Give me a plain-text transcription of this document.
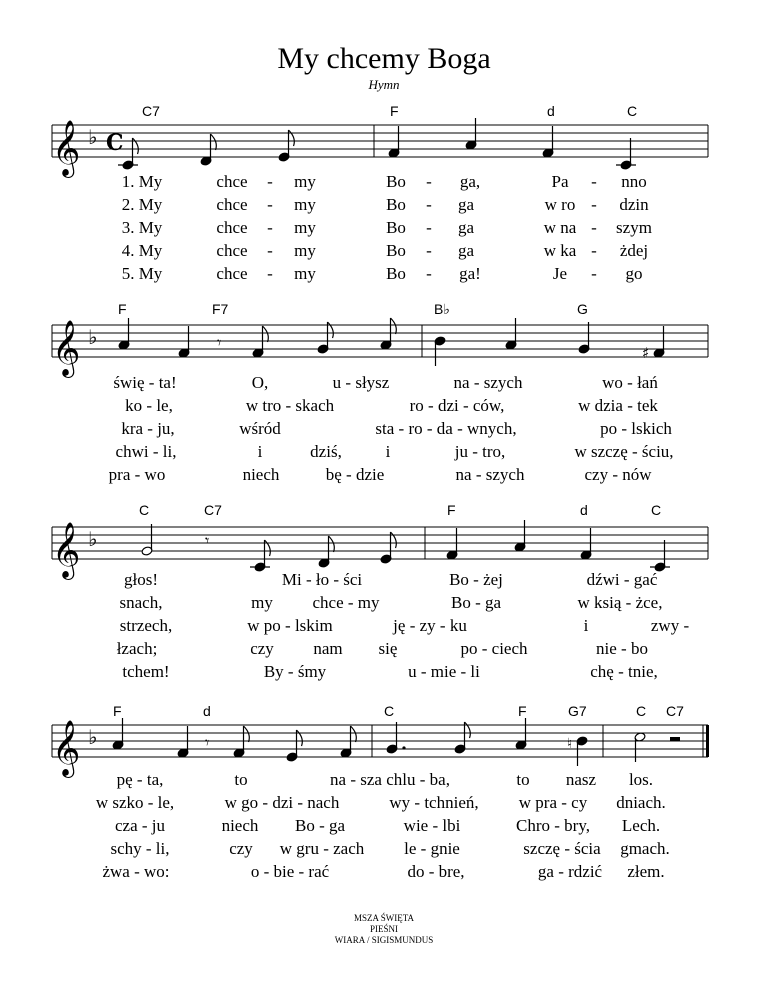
My chcemy Boga
Hymn
C7	F	d	C
𝄞 ♭ C
1. My	chce - my	Bo - ga,	Pa - nno
2. My	chce - my	Bo - ga	w ro - dzin
3. My	chce - my	Bo - ga	w na - szym
4. My	chce - my	Bo - ga	w ka - żdej
5. My	chce - my	Bo - ga!	Je - go
F	F7	B♭	G
𝄞 ♭	𝄾
♯
świę - ta!	O,	u - słysz	na - szych	wo - łań
ko - le,	w tro - skach	ro - dzi - ców,	w dzia - tek
kra - ju,	wśród	sta - ro - da - wnych,	po - lskich
chwi - li,	i	dziś,	i	ju - tro,	w szczę - ściu,
pra - wo	niech	bę - dzie	na - szych	czy - nów
C	C7	F	d	C
𝄞 ♭	𝄾
głos!	Mi - ło - ści	Bo - żej	dźwi - gać
snach,	my chce - my	Bo - ga	w ksią - żce,
strzech,	w po - lskim	ję - zy - ku	i	zwy -
łzach;	czy nam się	po - ciech	nie - bo
tchem!	By - śmy	u - mie - li	chę - tnie,
F	d	C	F	G7	C C7
𝄞 ♭	𝄾	♮
pę - ta,	to	na - sza chlu - ba,	to nasz los.
w szko - le,	w go - dzi - nach	wy - tchnień, w pra - cy dniach.
cza - ju	niech Bo - ga	wie - lbi	Chro - bry, Lech.
schy - li,	czy w gru - zach le - gnie	szczę - ścia gmach.
żwa - wo:	o - bie - rać	do - bre,	ga - rdzić złem.
MSZA ŚWIĘTA
PIEŚNI
WIARA / SIGISMUNDUS
